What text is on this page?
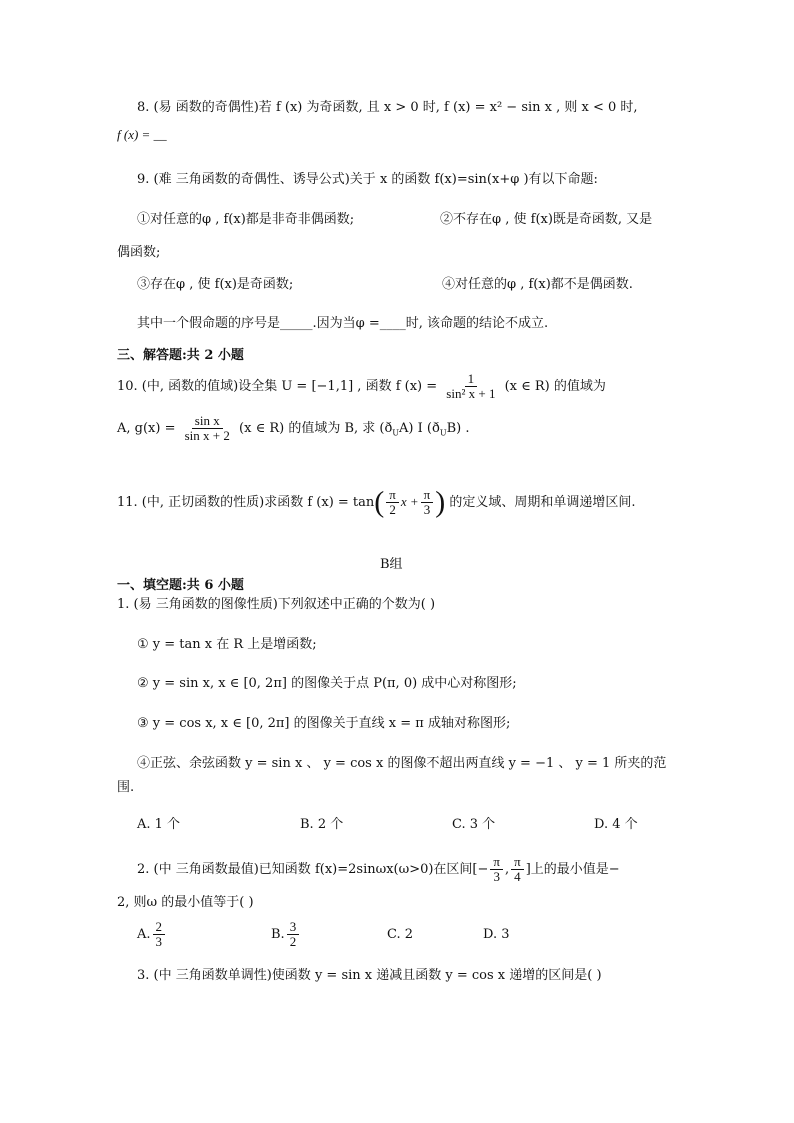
8. (易 函数的奇偶性)若 f (x) 为奇函数, 且 x > 0 时, f (x) = x² − sin x , 则 x < 0 时,
f (x) = __
9. (难 三角函数的奇偶性、诱导公式)关于 x 的函数 f(x)=sin(x+φ )有以下命题:
①对任意的φ , f(x)都是非奇非偶函数;	②不存在φ , 使 f(x)既是奇函数, 又是
偶函数;
③存在φ , 使 f(x)是奇函数;	④对任意的φ , f(x)都不是偶函数.
其中一个假命题的序号是_____.因为当φ =____时, 该命题的结论不成立.
三、解答题:共 2 小题
10. (中, 函数的值域)设全集 U = [−1,1] , 函数 f $(x) = \frac{1}{\text{sin² x + 1}} (x$ ∈ R) 的值域为
A, $g(x) = \frac{\text{sin x}}{\text{sin x + 2}} (x$ ∈ R) 的值域为 B, 求 $(ð_UA)$ I $(ð_UB)$ .
11. (中, 正切函数的性质)求函数 f $(x) = \tan( \frac{\pi}{2}$ $x + \frac{\pi}{3}$ ) 的定义域、周期和单调递增区间.
B组
一、填空题:共 6 小题
1. (易 三角函数的图像性质)下列叙述中正确的个数为( )
① y = tan x 在 R 上是增函数;
② y = sin x, x ∈ [0, 2π] 的图像关于点 P(π, 0) 成中心对称图形;
③ y = cos x, x ∈ [0, 2π] 的图像关于直线 x = π 成轴对称图形;
④正弦、余弦函数 y = sin x 、 y = cos x 的图像不超出两直线 y = −1 、 y = 1 所夹的范
围.
A. 1 个	B. 2 个	C. 3 个	D. 4 个
2. (中 三角函数最值)已知函数 f(x)=2sinωx(ω>0)在区间[− $\frac{\pi}{3}$ , $\frac{\pi}{4}$ ]上的最小值是−
2, 则ω 的最小值等于( )
A. $\frac{2}{3}$	B. $\frac{3}{2}$	C. 2	D. 3
3. (中 三角函数单调性)使函数 y = sin x 递减且函数 y = cos x 递增的区间是( )
